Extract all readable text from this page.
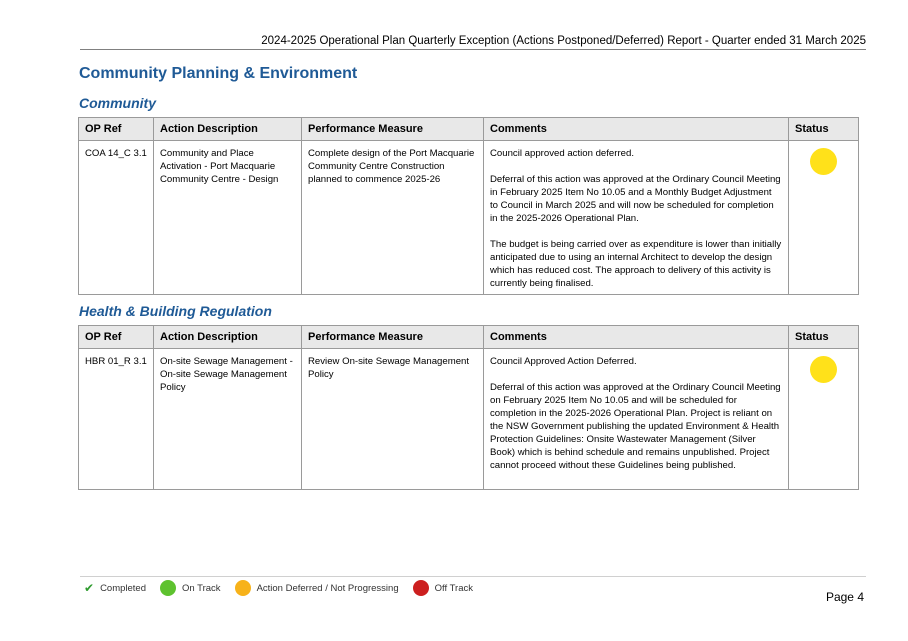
2024-2025 Operational Plan Quarterly Exception (Actions Postponed/Deferred) Report - Quarter ended 31 March 2025
Community Planning & Environment
Community
OP Ref	Action Description	Performance Measure	Comments	Status
COA 14_C 3.1	Community and Place Activation - Port Macquarie Community Centre - Design	Complete design of the Port Macquarie Community Centre Construction planned to commence 2025-26	Council approved action deferred.

Deferral of this action was approved at the Ordinary Council Meeting in February 2025 Item No 10.05 and a Monthly Budget Adjustment to Council in March 2025 and will now be scheduled for completion in the 2025-2026 Operational Plan.

The budget is being carried over as expenditure is lower than initially anticipated due to using an internal Architect to develop the design which has reduced cost. The approach to delivery of this activity is currently being finalised.	

Health & Building Regulation
OP Ref	Action Description	Performance Measure	Comments	Status
HBR 01_R 3.1	On-site Sewage Management - On-site Sewage Management Policy	Review On-site Sewage Management Policy	Council Approved Action Deferred.

Deferral of this action was approved at the Ordinary Council Meeting on February 2025 Item No 10.05 and will be scheduled for completion in the 2025-2026 Operational Plan. Project is reliant on the NSW Government publishing the updated Environment & Health Protection Guidelines: Onsite Wastewater Management (Silver Book) which is behind schedule and remains unpublished. Project cannot proceed without these Guidelines being published.	

✔ Completed	On Track	Action Deferred / Not Progressing	Off Track
Page 4
